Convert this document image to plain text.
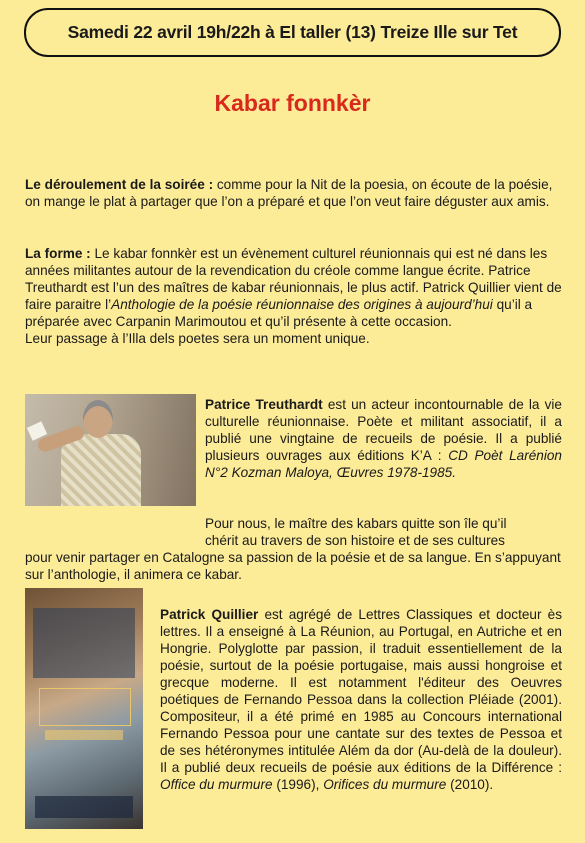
Samedi 22 avril 19h/22h à El taller (13) Treize Ille sur Tet
Kabar fonnkèr
Le déroulement de la soirée : comme pour la Nit de la poesia, on écoute de la poésie, on mange le plat à partager que l’on a préparé et que l’on veut faire déguster aux amis.
La forme : Le kabar fonnkèr est un évènement culturel réunionnais qui est né dans les années militantes autour de la revendication du créole comme langue écrite. Patrice Treuthardt est l’un des maîtres de kabar réunionnais, le plus actif. Patrick Quillier vient de faire paraitre l’Anthologie de la poésie réunionnaise des origines à aujourd’hui qu’il a préparée avec Carpanin Marimoutou et qu’il présente à cette occasion.
Leur passage à l’Illa dels poetes sera un moment unique.
Patrice Treuthardt est un acteur incontournable de la vie culturelle réunionnaise. Poète et militant associatif, il a publié une vingtaine de recueils de poésie. Il a publié plusieurs ouvrages aux éditions K’A : CD Poèt Larénion N°2 Kozman Maloya, Œuvres 1978-1985.
Pour nous, le maître des kabars quitte son île qu’il
chérit au travers de son histoire et de ses cultures
pour venir partager en Catalogne sa passion de la poésie et de sa langue. En s’appuyant sur l’anthologie, il animera ce kabar.
Patrick Quillier est agrégé de Lettres Classiques et docteur ès lettres. Il a enseigné à La Réunion, au Portugal, en Autriche et en Hongrie. Polyglotte par passion, il traduit essentiellement de la poésie, surtout de la poésie portugaise, mais aussi hongroise et grecque moderne. Il est notamment l'éditeur des Oeuvres poétiques de Fernando Pessoa dans la collection Pléiade (2001). Compositeur, il a été primé en 1985 au Concours international Fernando Pessoa pour une cantate sur des textes de Pessoa et de ses hétéronymes intitulée Além da dor (Au-delà de la douleur). Il a publié deux recueils de poésie aux éditions de la Différence : Office du murmure (1996), Orifices du murmure (2010).
